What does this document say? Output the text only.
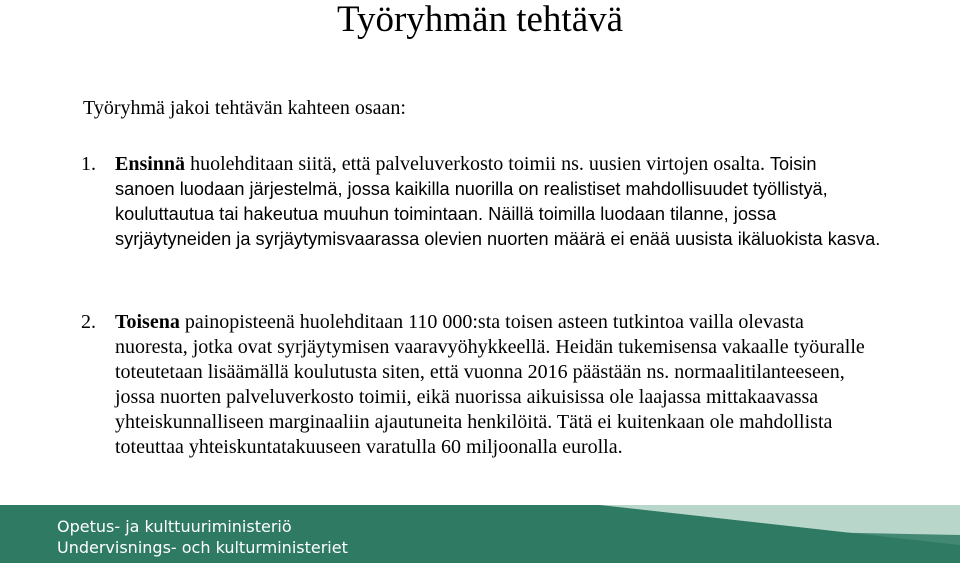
Työryhmän tehtävä

Työryhmä jakoi tehtävän kahteen osaan:

1. Ensinnä huolehditaan siitä, että palveluverkosto toimii ns. uusien virtojen osalta. Toisin sanoen luodaan järjestelmä, jossa kaikilla nuorilla on realistiset mahdollisuudet työllistyä, kouluttautua tai hakeutua muuhun toimintaan. Näillä toimilla luodaan tilanne, jossa syrjäytyneiden ja syrjäytymisvaarassa olevien nuorten määrä ei enää uusista ikäluokista kasva.
2. Toisena painopisteenä huolehditaan 110 000:sta toisen asteen tutkintoa vailla olevasta nuoresta, jotka ovat syrjäytymisen vaaravyöhykkeellä. Heidän tukemisensa vakaalle työuralle toteutetaan lisäämällä koulutusta siten, että vuonna 2016 päästään ns. normaalitilanteeseen, jossa nuorten palveluverkosto toimii, eikä nuorissa aikuisissa ole laajassa mittakaavassa yhteiskunnalliseen marginaaliin ajautuneita henkilöitä. Tätä ei kuitenkaan ole mahdollista toteuttaa yhteiskuntatakuuseen varatulla 60 miljoonalla eurolla.
Opetus- ja kulttuuriministeriö
Undervisnings- och kulturministeriet
